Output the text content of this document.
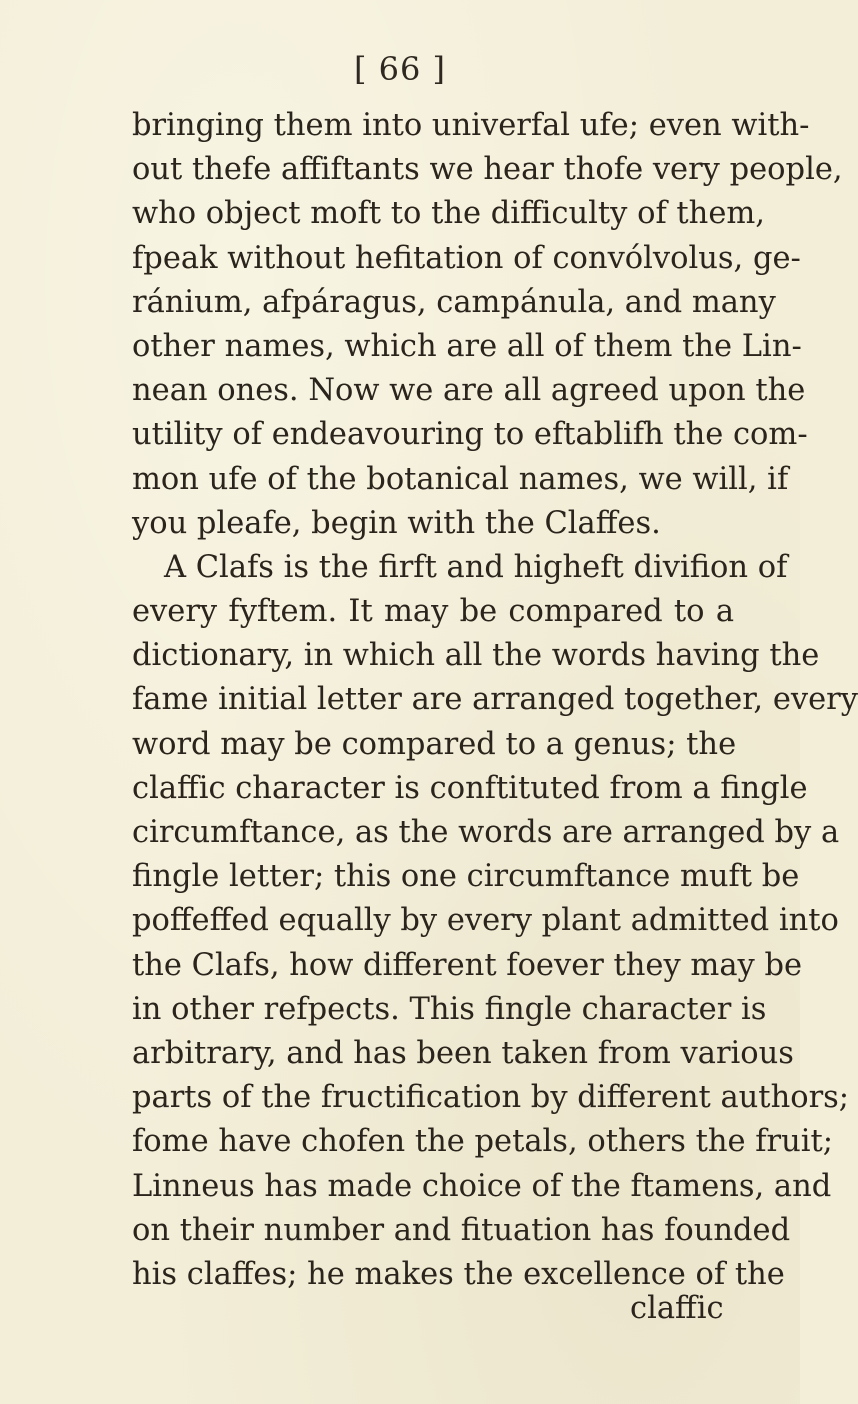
[ 66 ]
bringing them into univerfal ufe; even with-
out thefe affiftants we hear thofe very people,
who object moft to the difficulty of them,
fpeak without hefitation of convólvolus, ge-
ránium, afpáragus, campánula, and many
other names, which are all of them the Lin-
nean ones. Now we are all agreed upon the
utility of endeavouring to eftablifh the com-
mon ufe of the botanical names, we will, if
you pleafe, begin with the Claffes.
A Clafs is the firft and higheft divifion of
every fyftem. It may be compared to a
dictionary, in which all the words having the
fame initial letter are arranged together, every
word may be compared to a genus; the
claffic character is conftituted from a fingle
circumftance, as the words are arranged by a
fingle letter; this one circumftance muft be
poffeffed equally by every plant admitted into
the Clafs, how different foever they may be
in other refpects. This fingle character is
arbitrary, and has been taken from various
parts of the fructification by different authors;
fome have chofen the petals, others the fruit;
Linneus has made choice of the ftamens, and
on their number and fituation has founded
his claffes; he makes the excellence of the
claffic
